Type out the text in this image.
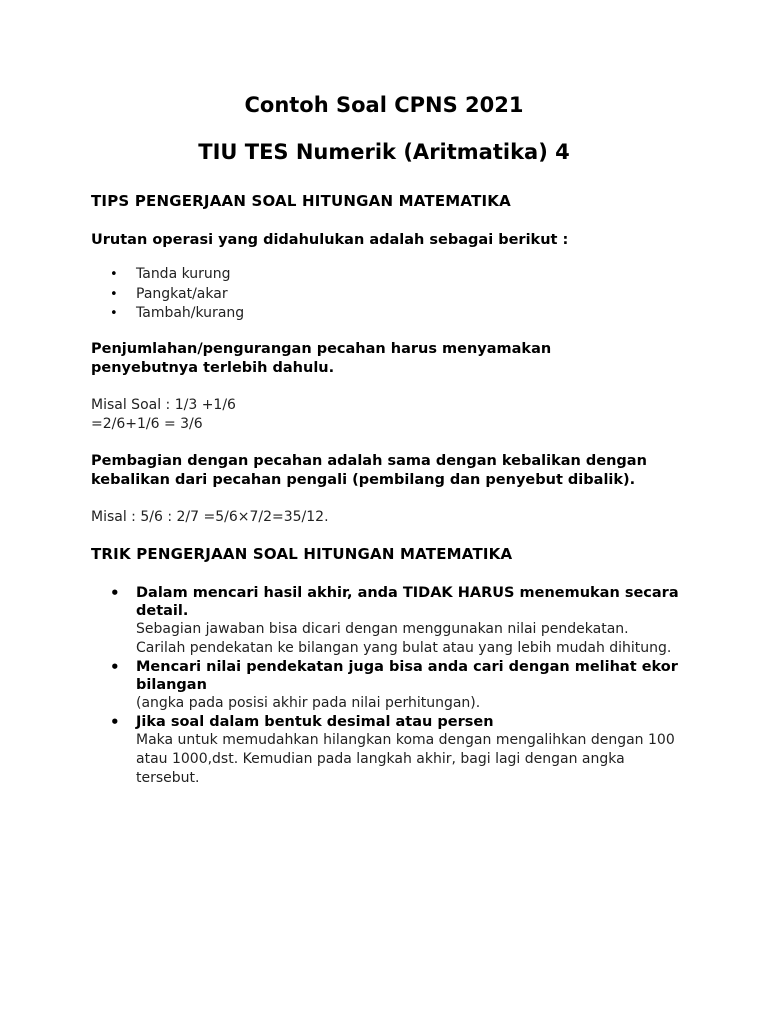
Contoh Soal CPNS 2021
TIU TES Numerik (Aritmatika) 4
TIPS PENGERJAAN SOAL HITUNGAN MATEMATIKA
Urutan operasi yang didahulukan adalah sebagai berikut :
• Tanda kurung
• Pangkat/akar
• Tambah/kurang
Penjumlahan/pengurangan pecahan harus menyamakan penyebutnya terlebih dahulu.
Misal Soal : 1/3 +1/6
=2/6+1/6 = 3/6
Pembagian dengan pecahan adalah sama dengan kebalikan dengan kebalikan dari pecahan pengali (pembilang dan penyebut dibalik).
Misal : 5/6 : 2/7 =5/6×7/2=35/12.
TRIK PENGERJAAN SOAL HITUNGAN MATEMATIKA
• Dalam mencari hasil akhir, anda TIDAK HARUS menemukan secara detail.
Sebagian jawaban bisa dicari dengan menggunakan nilai pendekatan. Carilah pendekatan ke bilangan yang bulat atau yang lebih mudah dihitung.
• Mencari nilai pendekatan juga bisa anda cari dengan melihat ekor bilangan
(angka pada posisi akhir pada nilai perhitungan).
• Jika soal dalam bentuk desimal atau persen
Maka untuk memudahkan hilangkan koma dengan mengalihkan dengan 100 atau 1000,dst. Kemudian pada langkah akhir, bagi lagi dengan angka tersebut.
